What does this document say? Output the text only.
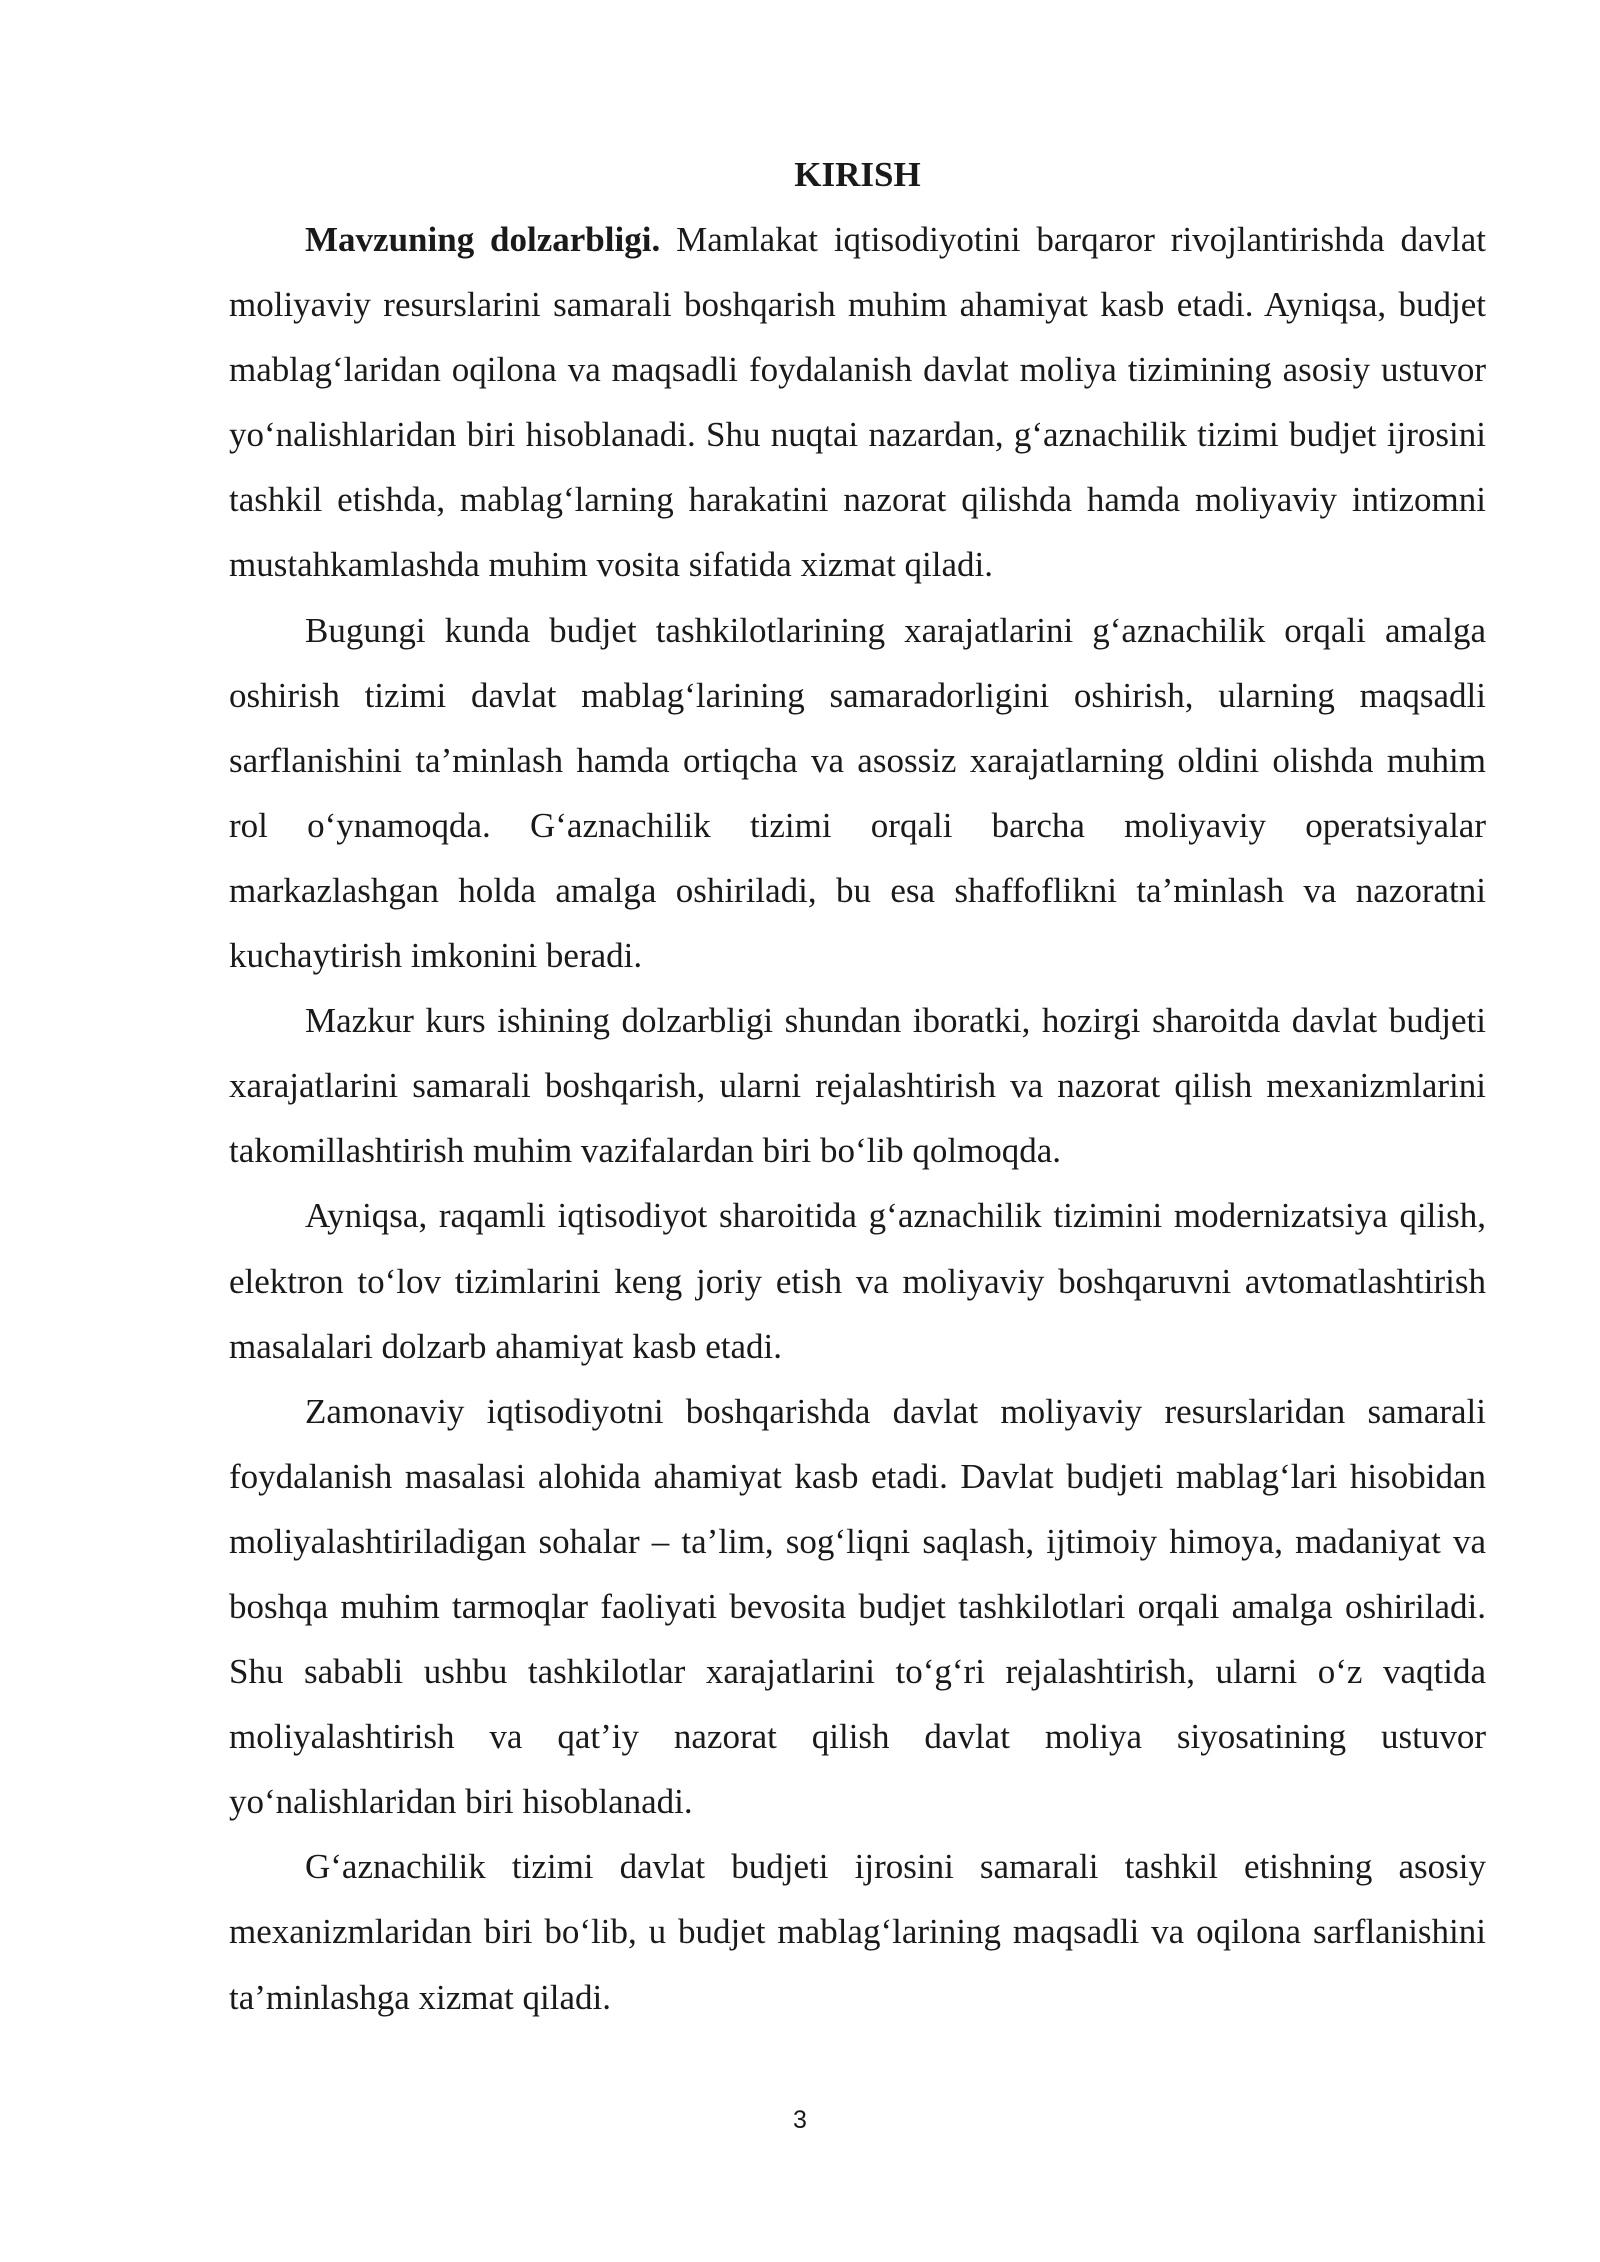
KIRISH

Mavzuning dolzarbligi. Mamlakat iqtisodiyotini barqaror rivojlantirishda davlat moliyaviy resurslarini samarali boshqarish muhim ahamiyat kasb etadi. Ayniqsa, budjet mablag‘laridan oqilona va maqsadli foydalanish davlat moliya tizimining asosiy ustuvor yo‘nalishlaridan biri hisoblanadi. Shu nuqtai nazardan, g‘aznachilik tizimi budjet ijrosini tashkil etishda, mablag‘larning harakatini nazorat qilishda hamda moliyaviy intizomni mustahkamlashda muhim vosita sifatida xizmat qiladi.

Bugungi kunda budjet tashkilotlarining xarajatlarini g‘aznachilik orqali amalga oshirish tizimi davlat mablag‘larining samaradorligini oshirish, ularning maqsadli sarflanishini ta’minlash hamda ortiqcha va asossiz xarajatlarning oldini olishda muhim rol o‘ynamoqda. G‘aznachilik tizimi orqali barcha moliyaviy operatsiyalar markazlashgan holda amalga oshiriladi, bu esa shaffoflikni ta’minlash va nazoratni kuchaytirish imkonini beradi.

Mazkur kurs ishining dolzarbligi shundan iboratki, hozirgi sharoitda davlat budjeti xarajatlarini samarali boshqarish, ularni rejalashtirish va nazorat qilish mexanizmlarini takomillashtirish muhim vazifalardan biri bo‘lib qolmoqda.

Ayniqsa, raqamli iqtisodiyot sharoitida g‘aznachilik tizimini modernizatsiya qilish, elektron to‘lov tizimlarini keng joriy etish va moliyaviy boshqaruvni avtomatlashtirish masalalari dolzarb ahamiyat kasb etadi.

Zamonaviy iqtisodiyotni boshqarishda davlat moliyaviy resurslaridan samarali foydalanish masalasi alohida ahamiyat kasb etadi. Davlat budjeti mablag‘lari hisobidan moliyalashtiriladigan sohalar – ta’lim, sog‘liqni saqlash, ijtimoiy himoya, madaniyat va boshqa muhim tarmoqlar faoliyati bevosita budjet tashkilotlari orqali amalga oshiriladi. Shu sababli ushbu tashkilotlar xarajatlarini to‘g‘ri rejalashtirish, ularni o‘z vaqtida moliyalashtirish va qat’iy nazorat qilish davlat moliya siyosatining ustuvor yo‘nalishlaridan biri hisoblanadi.

G‘aznachilik tizimi davlat budjeti ijrosini samarali tashkil etishning asosiy mexanizmlaridan biri bo‘lib, u budjet mablag‘larining maqsadli va oqilona sarflanishini ta’minlashga xizmat qiladi.

3
